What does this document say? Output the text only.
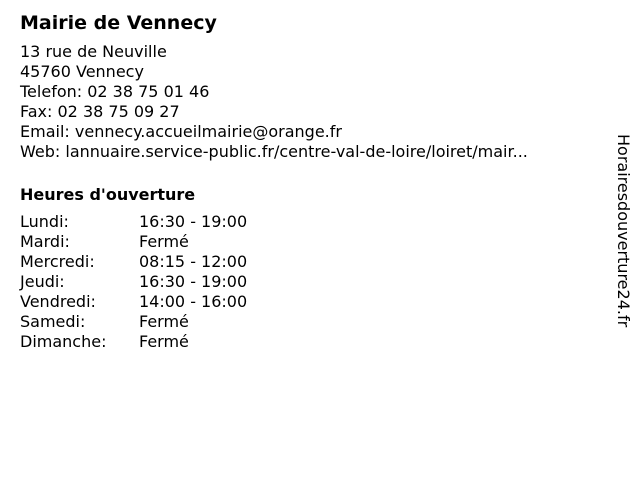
Mairie de Vennecy
13 rue de Neuville
45760 Vennecy
Telefon: 02 38 75 01 46
Fax: 02 38 75 09 27
Email: vennecy.accueilmairie@orange.fr
Web: lannuaire.service-public.fr/centre-val-de-loire/loiret/mair...
Heures d'ouverture
Lundi:	16:30 - 19:00
Mardi:	Fermé
Mercredi:	08:15 - 12:00
Jeudi:	16:30 - 19:00
Vendredi:	14:00 - 16:00
Samedi:	Fermé
Dimanche:	Fermé
Horairesdouverture24.fr
